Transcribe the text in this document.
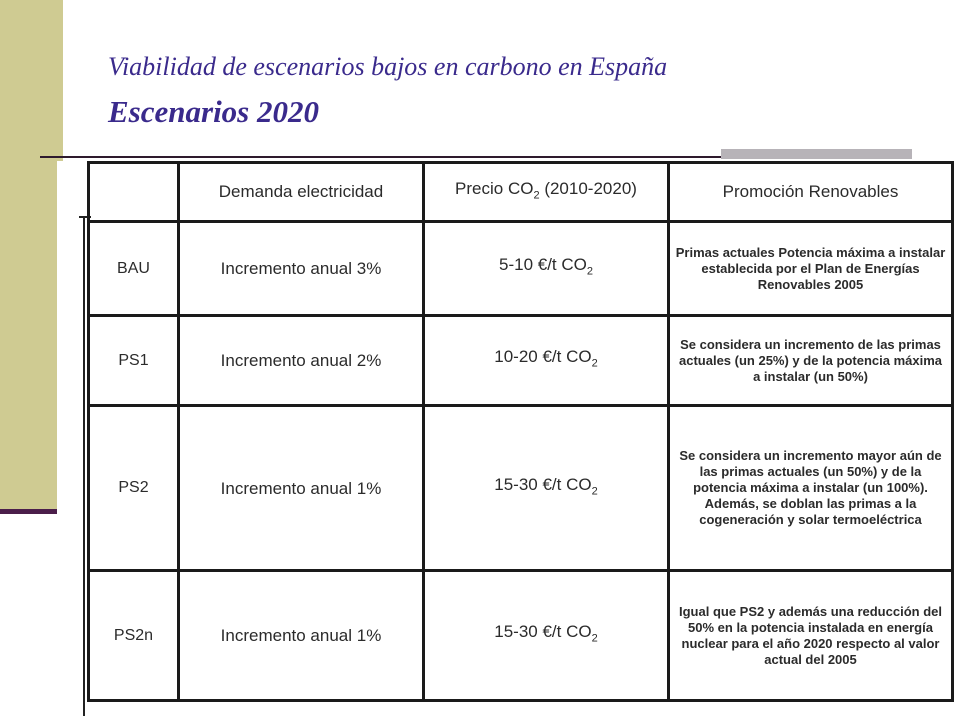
Viabilidad de escenarios bajos en carbono en España
Escenarios 2020
	Demanda electricidad	Precio $CO_2$ (2010-2020)	Promoción Renovables
BAU	Incremento anual 3%	5-10 €/t $CO_2$	Primas actuales Potencia máxima a instalar establecida por el Plan de Energías Renovables 2005
PS1	Incremento anual 2%	10-20 €/t $CO_2$	Se considera un incremento de las primas actuales (un 25%) y de la potencia máxima a instalar (un 50%)
PS2	Incremento anual 1%	15-30 €/t $CO_2$	Se considera un incremento mayor aún de las primas actuales (un 50%) y de la potencia máxima a instalar (un 100%). Además, se doblan las primas a la cogeneración y solar termoeléctrica
PS2n	Incremento anual 1%	15-30 €/t $CO_2$	Igual que PS2 y además una reducción del 50% en la potencia instalada en energía nuclear para el año 2020 respecto al valor actual del 2005
